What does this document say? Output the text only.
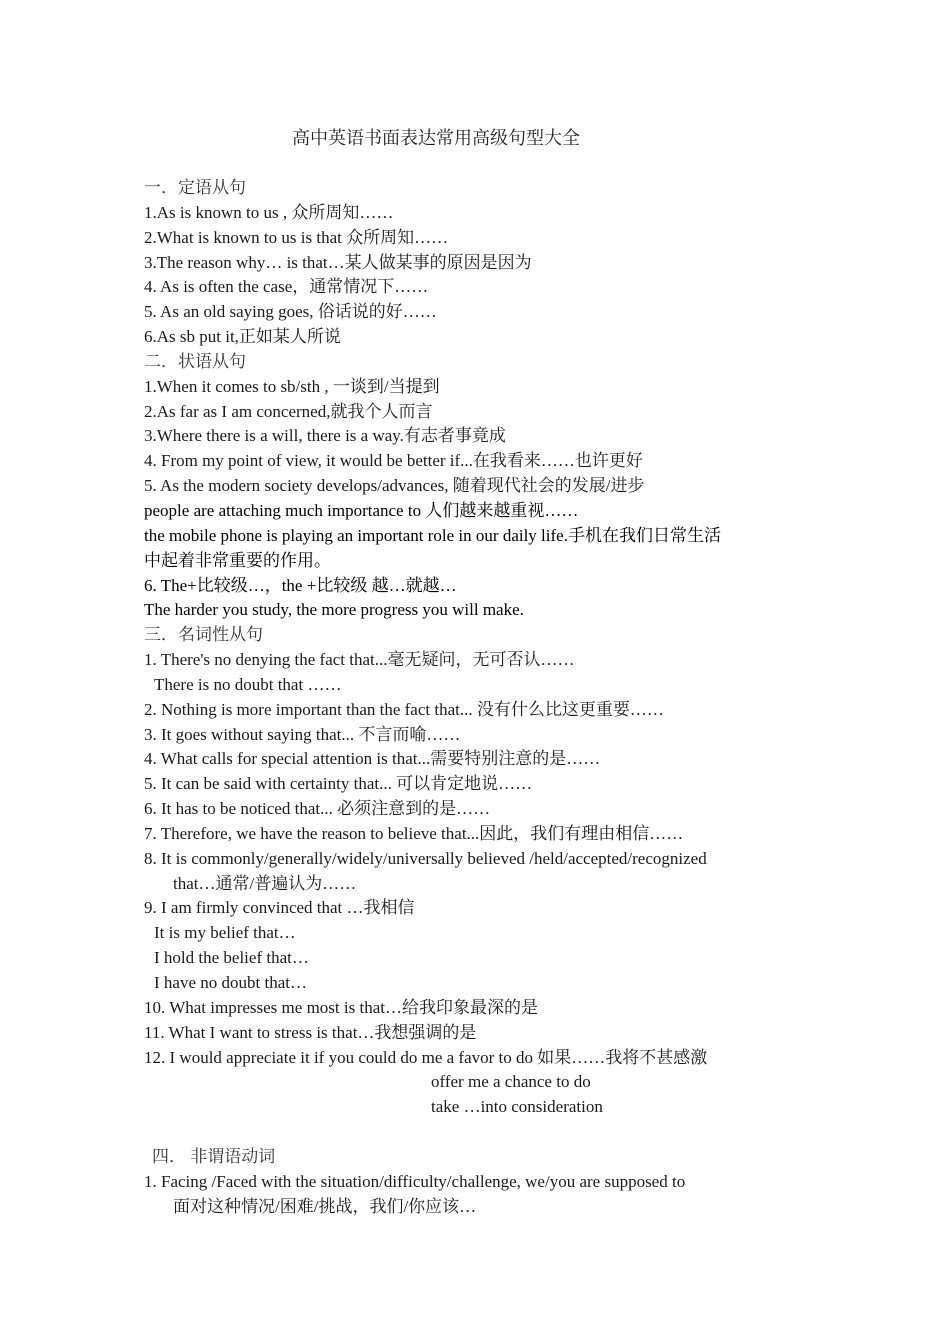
高中英语书面表达常用高级句型大全
一．定语从句
1.As is known to us , 众所周知……
2.What is known to us is that 众所周知……
3.The reason why… is that…某人做某事的原因是因为
4. As is often the case，通常情况下……
5. As an old saying goes, 俗话说的好……
6.As sb put it,正如某人所说
二．状语从句
1.When it comes to sb/sth , 一谈到/当提到
2.As far as I am concerned,就我个人而言
3.Where there is a will, there is a way.有志者事竟成
4. From my point of view, it would be better if...在我看来……也许更好
5. As the modern society develops/advances, 随着现代社会的发展/进步
people are attaching much importance to 人们越来越重视……
the mobile phone is playing an important role in our daily life.手机在我们日常生活
中起着非常重要的作用。
6. The+比较级…，the +比较级 越…就越…
The harder you study, the more progress you will make.
三．名词性从句
1. There's no denying the fact that...毫无疑问，无可否认……
There is no doubt that ……
2. Nothing is more important than the fact that... 没有什么比这更重要……
3. It goes without saying that... 不言而喻……
4. What calls for special attention is that...需要特别注意的是……
5. It can be said with certainty that... 可以肯定地说……
6. It has to be noticed that... 必须注意到的是……
7. Therefore, we have the reason to believe that...因此，我们有理由相信……
8. It is commonly/generally/widely/universally believed /held/accepted/recognized
that…通常/普遍认为……
9. I am firmly convinced that …我相信
It is my belief that…
I hold the belief that…
I have no doubt that…
10. What impresses me most is that…给我印象最深的是
11. What I want to stress is that…我想强调的是
12. I would appreciate it if you could do me a favor to do 如果……我将不甚感激
offer me a chance to do
take …into consideration
四． 非谓语动词
1. Facing /Faced with the situation/difficulty/challenge, we/you are supposed to
面对这种情况/困难/挑战，我们/你应该…
